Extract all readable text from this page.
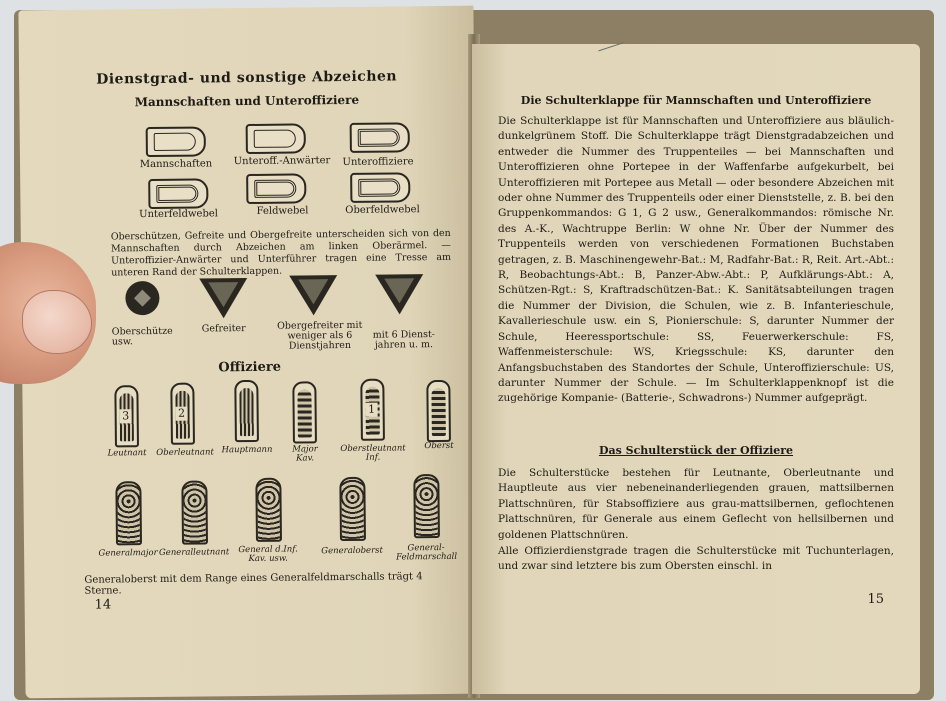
Dienstgrad- und sonstige Abzeichen
Mannschaften und Unteroffiziere
Mannschaften Unteroff.-Anwärter Unteroffiziere
Unterfeldwebel	Feldwebel	Oberfeldwebel
Oberschützen, Gefreite und Obergefreite unterscheiden sich von den Mannschaften durch Abzeichen am linken Oberärmel. — Unteroffizier-Anwärter und Unterführer tragen eine Tresse am unteren Rand der Schulterklappen.
Oberschütze usw.
Gefreiter	Obergefreiter mit weniger als 6 Dienstjahren
mit 6 Dienst- jahren u. m.
Offiziere
3	2	1
Leutnant Oberleutnant Hauptmann	Major Kav.
Oberstleutnant Inf.
Oberst
Generalmajor Generalleutnant	General d.Inf. Kav. usw.
Generaloberst	General- Feldmarschall
Generaloberst mit dem Range eines Generalfeldmarschalls trägt 4 Sterne.
14
Die Schulterklappe für Mannschaften und Unteroffiziere
Die Schulterklappe ist für Mannschaften und Unteroffiziere aus bläulich-dunkelgrünem Stoff. Die Schulterklappe trägt Dienstgradabzeichen und entweder die Nummer des Truppenteiles — bei Mannschaften und Unteroffizieren ohne Portepee in der Waffenfarbe aufgekurbelt, bei Unteroffizieren mit Portepee aus Metall — oder besondere Abzeichen mit oder ohne Nummer des Truppenteils oder einer Dienststelle, z. B. bei den Gruppenkommandos: G 1, G 2 usw., Generalkommandos: römische Nr. des A.-K., Wachtruppe Berlin: W ohne Nr. Über der Nummer des Truppenteils werden von verschiedenen Formationen Buchstaben getragen, z. B. Maschinengewehr-Bat.: M, Radfahr-Bat.: R, Reit. Art.-Abt.: R, Beobachtungs-Abt.: B, Panzer-Abw.-Abt.: P, Aufklärungs-Abt.: A, Schützen-Rgt.: S, Kraftradschützen-Bat.: K. Sanitätsabteilungen tragen die Nummer der Division, die Schulen, wie z. B. Infanterieschule, Kavallerieschule usw. ein S, Pionierschule: S, darunter Nummer der Schule, Heeressportschule: SS, Feuerwerkerschule: FS, Waffenmeisterschule: WS, Kriegsschule: KS, darunter den Anfangsbuchstaben des Standortes der Schule, Unteroffizierschule: US, darunter Nummer der Schule. — Im Schulterklappenknopf ist die zugehörige Kompanie- (Batterie-, Schwadrons-) Nummer aufgeprägt.
Das Schulterstück der Offiziere
Die Schulterstücke bestehen für Leutnante, Oberleutnante und Hauptleute aus vier nebeneinanderliegenden grauen, mattsilbernen Plattschnüren, für Stabsoffiziere aus grau-mattsilbernen, geflochtenen Plattschnüren, für Generale aus einem Geflecht von hellsilbernen und goldenen Plattschnüren.
Alle Offizierdienstgrade tragen die Schulterstücke mit Tuchunterlagen, und zwar sind letztere bis zum Obersten einschl. in
15
